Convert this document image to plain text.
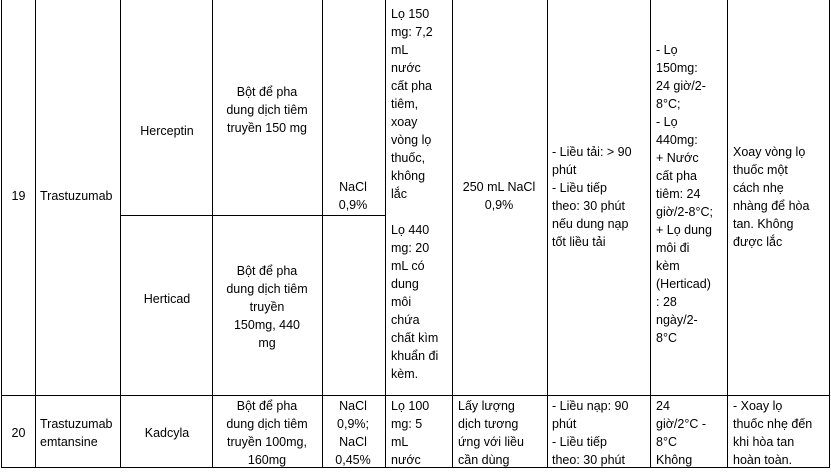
19	Trastuzumab
Herceptin
Bột để pha
dung dịch tiêm
truyền 150 mg
Lọ 150
mg: 7,2
mL
nước
cất pha
tiêm,
xoay
vòng lọ
thuốc,
không
lắc
Herticad
Bột để pha
dung dịch tiêm
truyền
150mg, 440
mg
Lọ 440
mg: 20
mL có
dung
môi
chứa
chất kìm
khuẩn đi
kèm.
NaCl
0,9%
250 mL NaCl
0,9%
- Liều tải: > 90
phút
- Liều tiếp
theo: 30 phút
nếu dung nạp
tốt liều tải
- Lọ
150mg:
24 giờ/2-
8°C;
- Lọ
440mg:
+ Nước
cất pha
tiêm: 24
giờ/2-8°C;
+ Lọ dung
môi đi
kèm
(Herticad)
: 28
ngày/2-
8°C
Xoay vòng lọ
thuốc một
cách nhẹ
nhàng để hòa
tan. Không
được lắc
20
Trastuzumab
emtansine
Kadcyla
Bột để pha
dung dịch tiêm
truyền 100mg,
160mg
NaCl
0,9%;
NaCl
0,45%
Lọ 100
mg: 5
mL
nước
Lấy lượng
dịch tương
ứng với liều
cần dùng
- Liều nạp: 90
phút
- Liều tiếp
theo: 30 phút
24
giờ/2°C -
8°C
Không
- Xoay lọ
thuốc nhẹ đến
khi hòa tan
hoàn toàn.
